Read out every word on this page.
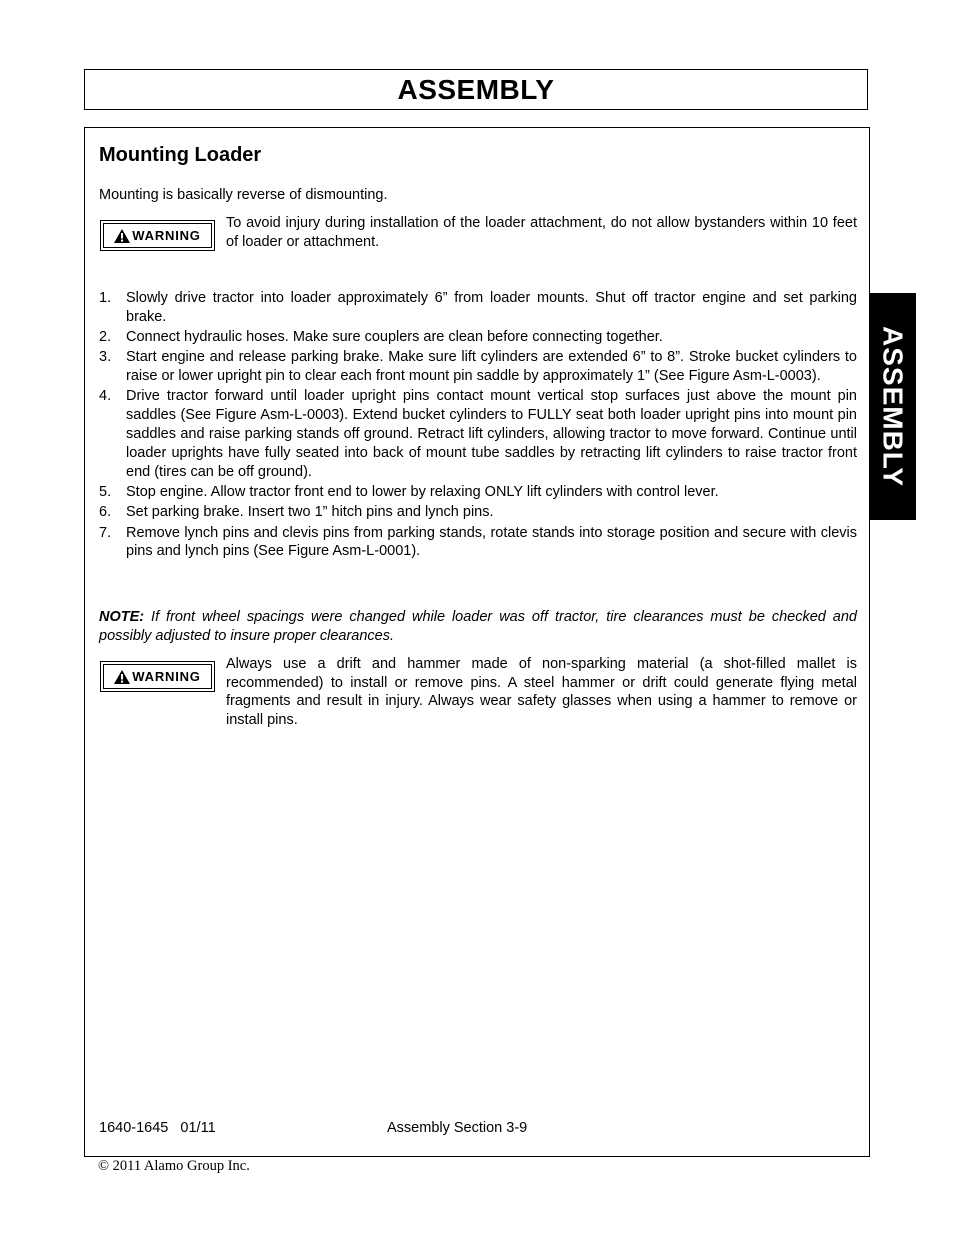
ASSEMBLY
Mounting Loader
Mounting is basically reverse of dismounting.
WARNING
To avoid injury during installation of the loader attachment, do not allow bystanders within 10 feet of loader or attachment.
1. Slowly drive tractor into loader approximately 6” from loader mounts. Shut off tractor engine and set parking brake.
2. Connect hydraulic hoses. Make sure couplers are clean before connecting together.
3. Start engine and release parking brake. Make sure lift cylinders are extended 6” to 8”. Stroke bucket cylinders to raise or lower upright pin to clear each front mount pin saddle by approximately 1” (See Figure Asm-L-0003).
4. Drive tractor forward until loader upright pins contact mount vertical stop surfaces just above the mount pin saddles (See Figure Asm-L-0003). Extend bucket cylinders to FULLY seat both loader upright pins into mount pin saddles and raise parking stands off ground. Retract lift cylinders, allowing tractor to move forward. Continue until loader uprights have fully seated into back of mount tube saddles by retracting lift cylinders to raise tractor front end (tires can be off ground).
5. Stop engine. Allow tractor front end to lower by relaxing ONLY lift cylinders with control lever.
6. Set parking brake. Insert two 1” hitch pins and lynch pins.
7. Remove lynch pins and clevis pins from parking stands, rotate stands into storage position and secure with clevis pins and lynch pins (See Figure Asm-L-0001).
NOTE: If front wheel spacings were changed while loader was off tractor, tire clearances must be checked and possibly adjusted to insure proper clearances.
WARNING
Always use a drift and hammer made of non-sparking material (a shot-filled mallet is recommended) to install or remove pins. A steel hammer or drift could generate flying metal fragments and result in injury. Always wear safety glasses when using a hammer to remove or install pins.
1640-1645   01/11	Assembly Section 3-9
© 2011 Alamo Group Inc.
ASSEMBLY
